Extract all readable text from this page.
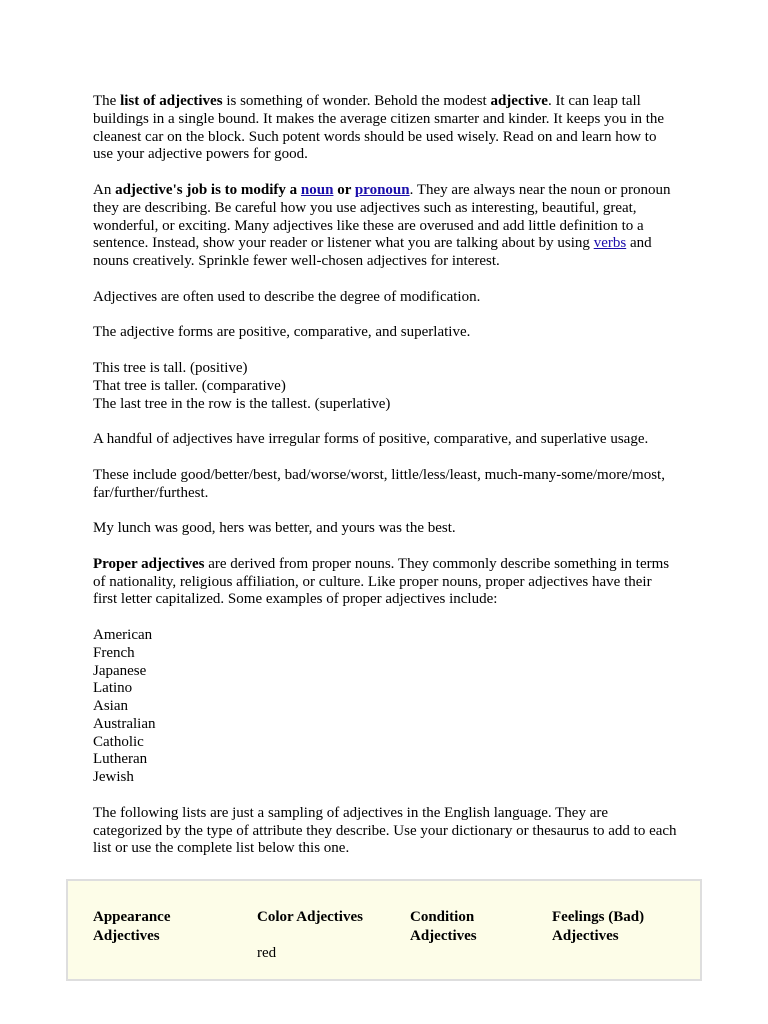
The list of adjectives is something of wonder. Behold the modest adjective. It can leap tall buildings in a single bound. It makes the average citizen smarter and kinder. It keeps you in the cleanest car on the block. Such potent words should be used wisely. Read on and learn how to use your adjective powers for good.

An adjective's job is to modify a noun or pronoun. They are always near the noun or pronoun they are describing. Be careful how you use adjectives such as interesting, beautiful, great, wonderful, or exciting. Many adjectives like these are overused and add little definition to a sentence. Instead, show your reader or listener what you are talking about by using verbs and nouns creatively. Sprinkle fewer well-chosen adjectives for interest.

Adjectives are often used to describe the degree of modification.

The adjective forms are positive, comparative, and superlative.

This tree is tall. (positive)
That tree is taller. (comparative)
The last tree in the row is the tallest. (superlative)

A handful of adjectives have irregular forms of positive, comparative, and superlative usage.

These include good/better/best, bad/worse/worst, little/less/least, much-many-some/more/most, far/further/furthest.

My lunch was good, hers was better, and yours was the best.

Proper adjectives are derived from proper nouns. They commonly describe something in terms of nationality, religious affiliation, or culture. Like proper nouns, proper adjectives have their first letter capitalized. Some examples of proper adjectives include:

American
French
Japanese
Latino
Asian
Australian
Catholic
Lutheran
Jewish

The following lists are just a sampling of adjectives in the English language. They are categorized by the type of attribute they describe. Use your dictionary or thesaurus to add to each list or use the complete list below this one.

Appearance
Adjectives
Color Adjectives
red
Condition
Adjectives
Feelings (Bad)
Adjectives
